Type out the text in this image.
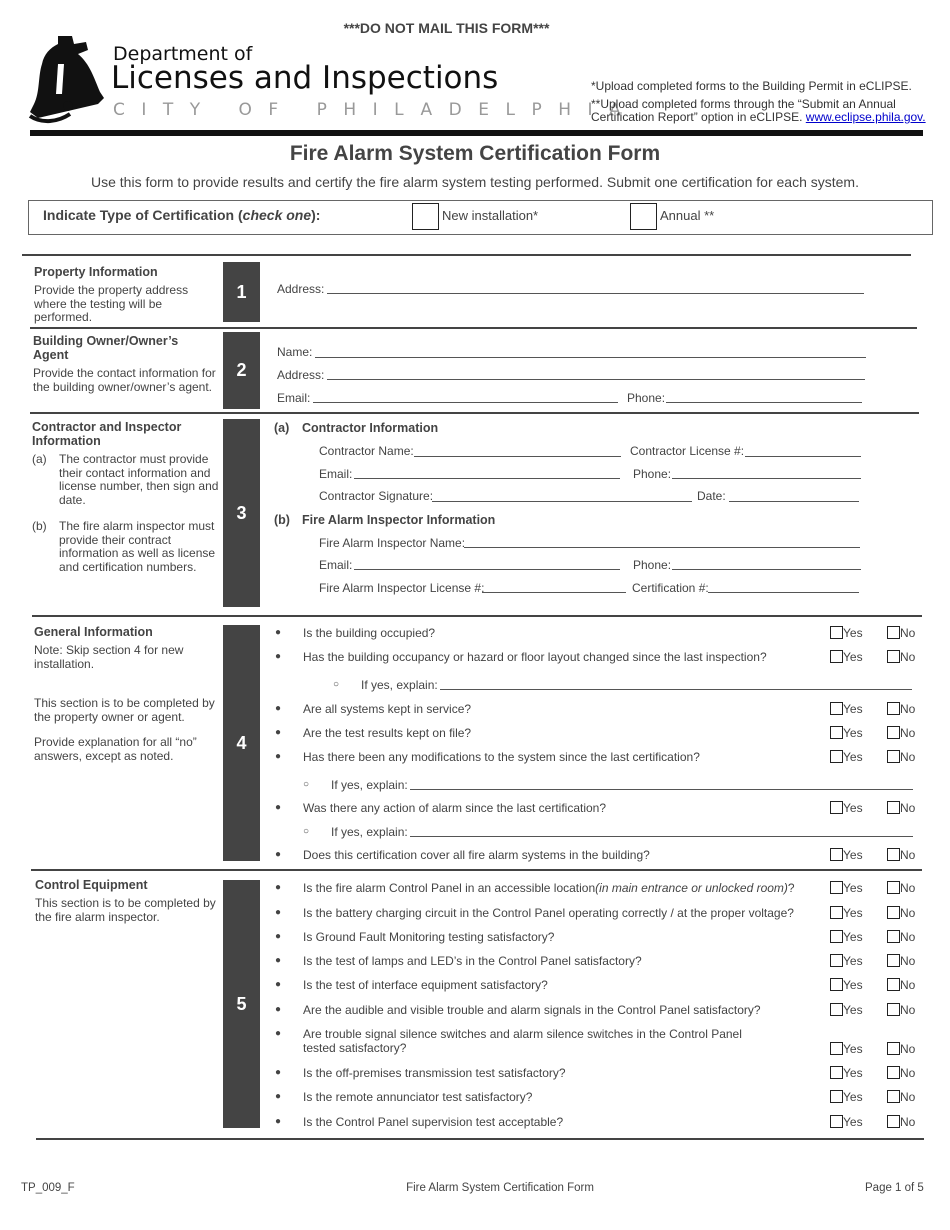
***DO NOT MAIL THIS FORM***
Department of
Licenses and Inspections
CITY OF PHILADELPHIA
*Upload completed forms to the Building Permit in eCLIPSE.
**Upload completed forms through the “Submit an Annual
Certification Report” option in eCLIPSE. www.eclipse.phila.gov.
Fire Alarm System Certification Form
Use this form to provide results and certify the fire alarm system testing performed. Submit one certification for each system.
Indicate Type of Certification (check one):	New installation*	Annual **
Property Information
Provide the property address where the testing will be performed.
1	Address:
Building Owner/Owner’s Agent
Provide the contact information for the building owner/owner’s agent.
2
Name:
Address:
Email:	Phone:
Contractor and Inspector Information
(a) The contractor must provide their contact information and license number, then sign and date.
(b) The fire alarm inspector must provide their contract information as well as license and certification numbers.
3
(a) Contractor Information
Contractor Name:	Contractor License #:
Email:	Phone:
Contractor Signature:	Date:
(b) Fire Alarm Inspector Information
Fire Alarm Inspector Name:
Email:	Phone:
Fire Alarm Inspector License #:	Certification #:
General Information
Note: Skip section 4 for new installation.
This section is to be completed by the property owner or agent.
Provide explanation for all “no” answers, except as noted.
4
● Is the building occupied?	Yes	No
● Has the building occupancy or hazard or floor layout changed since the last inspection?	Yes	No
○ If yes, explain:
● Are all systems kept in service?	Yes	No
● Are the test results kept on file?	Yes	No
● Has there been any modifications to the system since the last certification?	Yes	No
○ If yes, explain:
● Was there any action of alarm since the last certification?	Yes	No
○ If yes, explain:
● Does this certification cover all fire alarm systems in the building?	Yes	No
Control Equipment
This section is to be completed by the fire alarm inspector.
5
● Is the fire alarm Control Panel in an accessible location(in main entrance or unlocked room)?	Yes	No
● Is the battery charging circuit in the Control Panel operating correctly / at the proper voltage?	Yes	No
● Is Ground Fault Monitoring testing satisfactory?	Yes	No
● Is the test of lamps and LED’s in the Control Panel satisfactory?	Yes	No
● Is the test of interface equipment satisfactory?	Yes	No
● Are the audible and visible trouble and alarm signals in the Control Panel satisfactory?	Yes	No
● Are trouble signal silence switches and alarm silence switches in the Control Panel
tested satisfactory?	Yes	No
● Is the off-premises transmission test satisfactory?	Yes	No
● Is the remote annunciator test satisfactory?	Yes	No
● Is the Control Panel supervision test acceptable?	Yes	No
TP_009_F	Fire Alarm System Certification Form	Page 1 of 5
